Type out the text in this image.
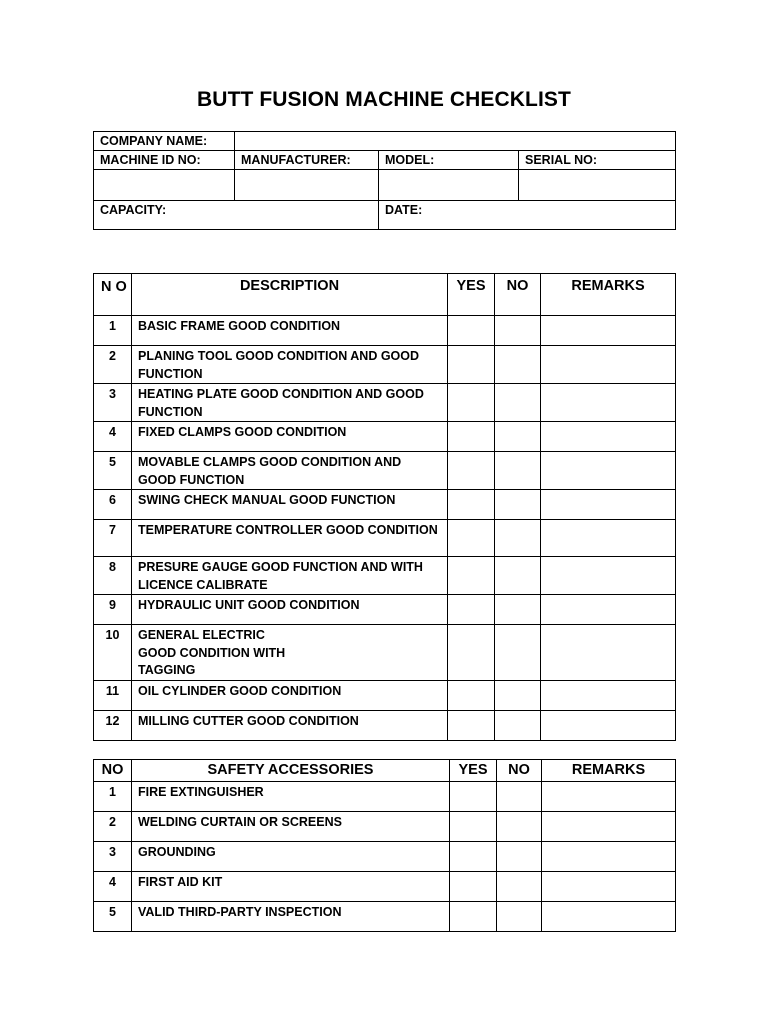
BUTT FUSION MACHINE CHECKLIST
COMPANY NAME:			
MACHINE ID NO:	MANUFACTURER:	MODEL:	SERIAL NO:

CAPACITY:		DATE:	
N O	DESCRIPTION	YES	NO	REMARKS
1	BASIC FRAME GOOD CONDITION			
2	PLANING TOOL GOOD CONDITION AND GOOD FUNCTION			
3	HEATING PLATE GOOD CONDITION AND GOOD FUNCTION			
4	FIXED CLAMPS GOOD CONDITION			
5	MOVABLE CLAMPS GOOD CONDITION AND GOOD FUNCTION			
6	SWING CHECK MANUAL GOOD FUNCTION			
7	TEMPERATURE CONTROLLER GOOD CONDITION			
8	PRESURE GAUGE GOOD FUNCTION AND WITH LICENCE CALIBRATE			
9	HYDRAULIC UNIT GOOD CONDITION			
10	GENERAL ELECTRIC GOOD CONDITION WITH TAGGING			
11	OIL CYLINDER GOOD CONDITION			
12	MILLING CUTTER GOOD CONDITION			
NO	SAFETY ACCESSORIES	YES	NO	REMARKS
1	FIRE EXTINGUISHER			
2	WELDING CURTAIN OR SCREENS			
3	GROUNDING			
4	FIRST AID KIT			
5	VALID THIRD-PARTY INSPECTION			
